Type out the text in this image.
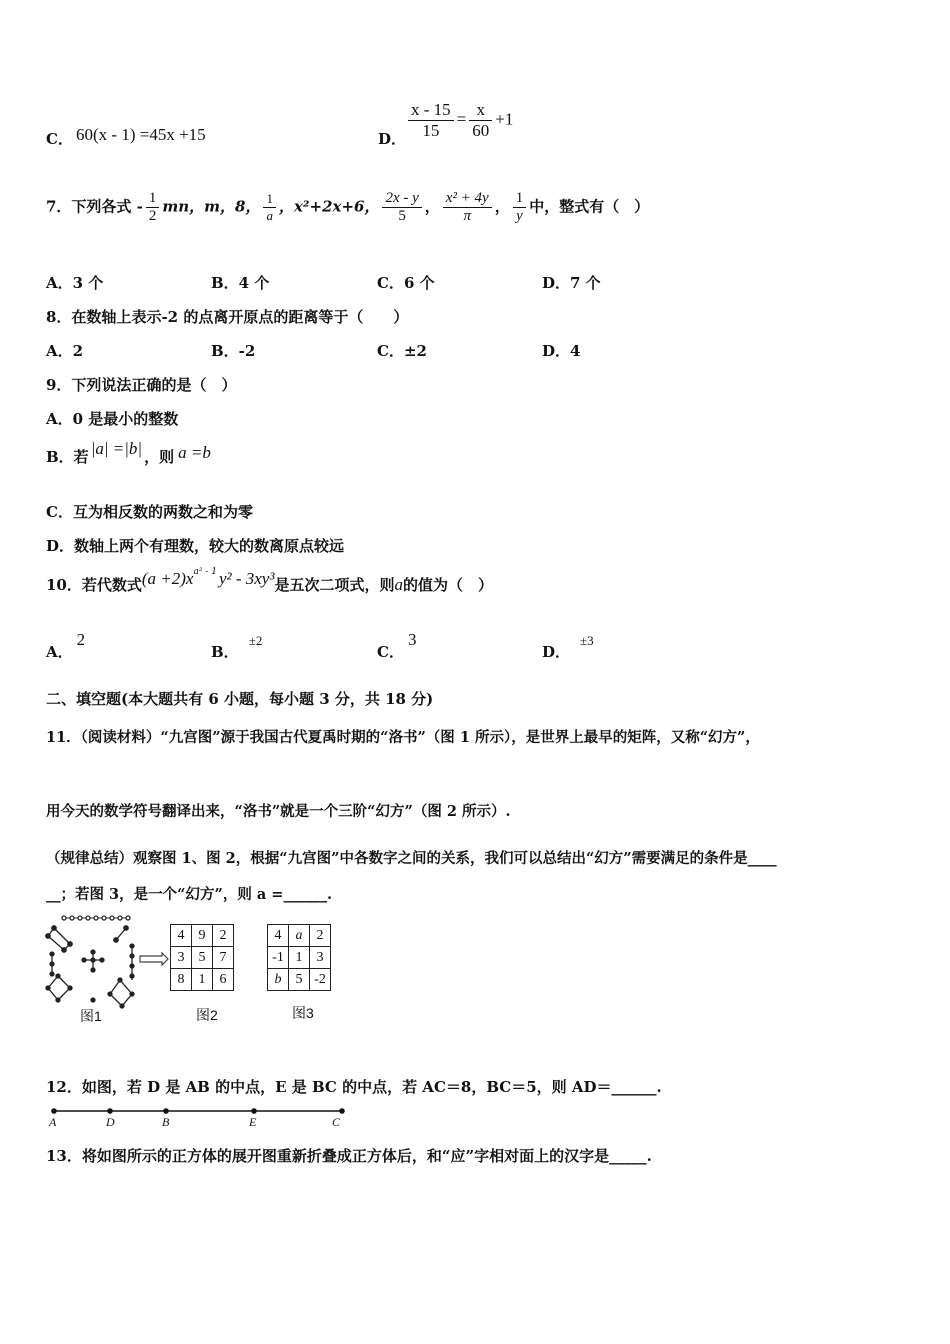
C． 60(x - 1) =45x +15	D． $\frac{x - 15}{15} = \frac{x}{60} +1$
7．下列各式 - $\frac{1}{2}$ mn，m，8， $\frac{1}{a}$ ，x²+2x+6， $\frac{2x - y}{5}$ ， $\frac{\text{x² + 4y}}{\pi}$ ， $\frac{1}{y}$ 中，整式有（　）
A．3 个	B．4 个	C．6 个	D．7 个
8．在数轴上表示-2 的点离开原点的距离等于（　　）
A．2	B．-2	C．±2	D．4
9．下列说法正确的是（　）
A．0 是最小的整数
B．若 |a| =|b| ，则 a =b
C．互为相反数的两数之和为零
D．数轴上两个有理数，较大的数离原点较远
10．若代数式$(a +2)x^{a^2 - 1}$ y² - 3xy³是五次二项式，则a的值为（　）
A．2
B．±2
C．3
D．±3
二、填空题(本大题共有 6 小题，每小题 3 分，共 18 分)
11．（阅读材料）“九宫图”源于我国古代夏禹时期的“洛书”（图 1 所示），是世界上最早的矩阵，又称“幻方”，
用今天的数学符号翻译出来，“洛书”就是一个三阶“幻方”（图 2 所示）.
（规律总结）观察图 1、图 2，根据“九宫图”中各数字之间的关系，我们可以总结出“幻方”需要满足的条件是____
__；若图 3，是一个“幻方”，则 a =______.
图1
4	9	2
3	5	7
8	1	6
图2
4	a	2
-1	1	3
b	5	-2
图3
12．如图，若 D 是 AB 的中点，E 是 BC 的中点，若 AC＝8，BC＝5，则 AD＝______.
A	D	B	E	C
13．将如图所示的正方体的展开图重新折叠成正方体后，和“应”字相对面上的汉字是_____.
